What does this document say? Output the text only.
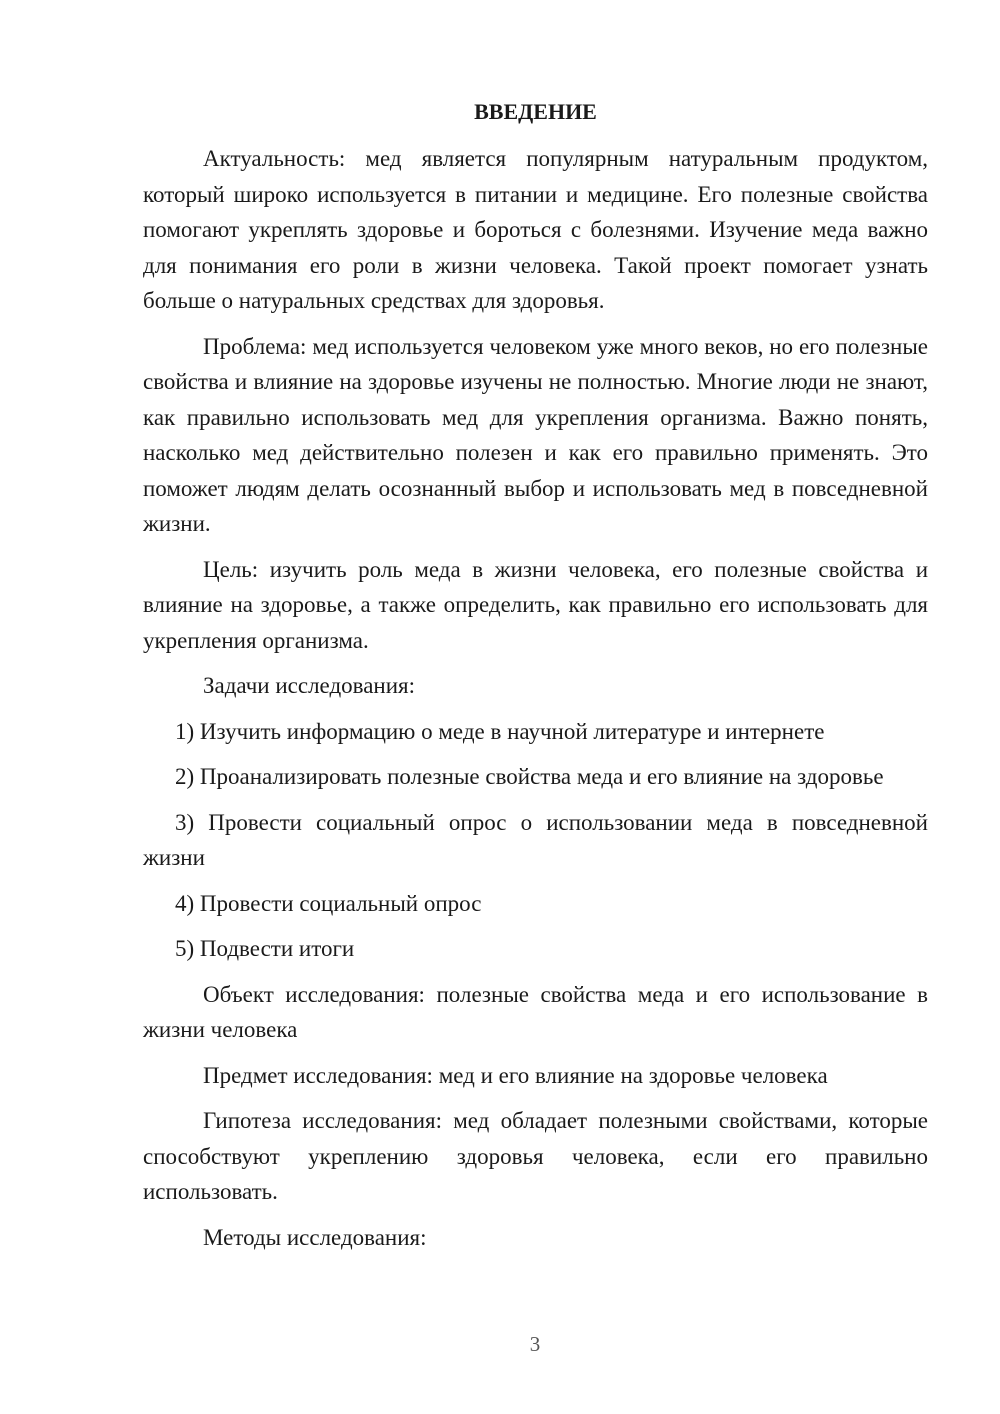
ВВЕДЕНИЕ

Актуальность: мед является популярным натуральным продуктом, который широко используется в питании и медицине. Его полезные свойства помогают укреплять здоровье и бороться с болезнями. Изучение меда важно для понимания его роли в жизни человека. Такой проект помогает узнать больше о натуральных средствах для здоровья.

Проблема: мед используется человеком уже много веков, но его полезные свойства и влияние на здоровье изучены не полностью. Многие люди не знают, как правильно использовать мед для укрепления организма. Важно понять, насколько мед действительно полезен и как его правильно применять. Это поможет людям делать осознанный выбор и использовать мед в повседневной жизни.

Цель: изучить роль меда в жизни человека, его полезные свойства и влияние на здоровье, а также определить, как правильно его использовать для укрепления организма.

Задачи исследования:

1) Изучить информацию о меде в научной литературе и интернете

2) Проанализировать полезные свойства меда и его влияние на здоровье

3) Провести социальный опрос о использовании меда в повседневной жизни

4) Провести социальный опрос

5) Подвести итоги

Объект исследования: полезные свойства меда и его использование в жизни человека

Предмет исследования: мед и его влияние на здоровье человека

Гипотеза исследования: мед обладает полезными свойствами, которые способствуют укреплению здоровья человека, если его правильно использовать.

Методы исследования:

3
